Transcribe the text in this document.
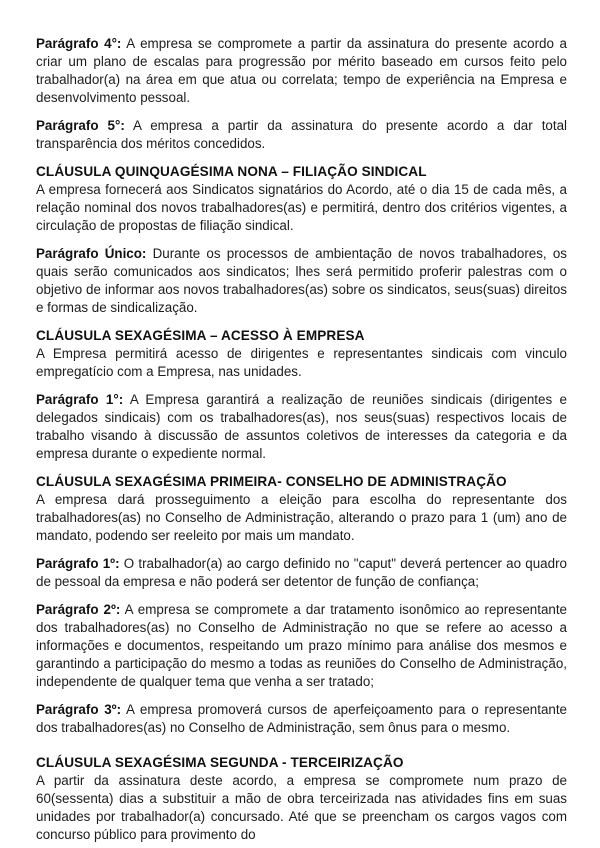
Parágrafo 4°: A empresa se compromete a partir da assinatura do presente acordo a criar um plano de escalas para progressão por mérito baseado em cursos feito pelo trabalhador(a) na área em que atua ou correlata; tempo de experiência na Empresa e desenvolvimento pessoal.

Parágrafo 5°: A empresa a partir da assinatura do presente acordo a dar total transparência dos méritos concedidos.

CLÁUSULA QUINQUAGÉSIMA NONA – FILIAÇÃO SINDICAL

A empresa fornecerá aos Sindicatos signatários do Acordo, até o dia 15 de cada mês, a relação nominal dos novos trabalhadores(as) e permitirá, dentro dos critérios vigentes, a circulação de propostas de filiação sindical.

Parágrafo Único: Durante os processos de ambientação de novos trabalhadores, os quais serão comunicados aos sindicatos; lhes será permitido proferir palestras com o objetivo de informar aos novos trabalhadores(as) sobre os sindicatos, seus(suas) direitos e formas de sindicalização.

CLÁUSULA SEXAGÉSIMA – ACESSO À EMPRESA

A Empresa permitirá acesso de dirigentes e representantes sindicais com vinculo empregatício com a Empresa, nas unidades.

Parágrafo 1°: A Empresa garantirá a realização de reuniões sindicais (dirigentes e delegados sindicais) com os trabalhadores(as), nos seus(suas) respectivos locais de trabalho visando à discussão de assuntos coletivos de interesses da categoria e da empresa durante o expediente normal.

CLÁUSULA SEXAGÉSIMA PRIMEIRA- CONSELHO DE ADMINISTRAÇÃO

A empresa dará prosseguimento a eleição para escolha do representante dos trabalhadores(as) no Conselho de Administração, alterando o prazo para 1 (um) ano de mandato, podendo ser reeleito por mais um mandato.

Parágrafo 1º: O trabalhador(a) ao cargo definido no "caput" deverá pertencer ao quadro de pessoal da empresa e não poderá ser detentor de função de confiança;

Parágrafo 2º: A empresa se compromete a dar tratamento isonômico ao representante dos trabalhadores(as) no Conselho de Administração no que se refere ao acesso a informações e documentos, respeitando um prazo mínimo para análise dos mesmos e garantindo a participação do mesmo a todas as reuniões do Conselho de Administração, independente de qualquer tema que venha a ser tratado;

Parágrafo 3º: A empresa promoverá cursos de aperfeiçoamento para o representante dos trabalhadores(as) no Conselho de Administração, sem ônus para o mesmo.

CLÁUSULA SEXAGÉSIMA SEGUNDA - TERCEIRIZAÇÃO

A partir da assinatura deste acordo, a empresa se compromete num prazo de 60(sessenta) dias a substituir a mão de obra terceirizada nas atividades fins em suas unidades por trabalhador(a) concursado. Até que se preencham os cargos vagos com concurso público para provimento do
